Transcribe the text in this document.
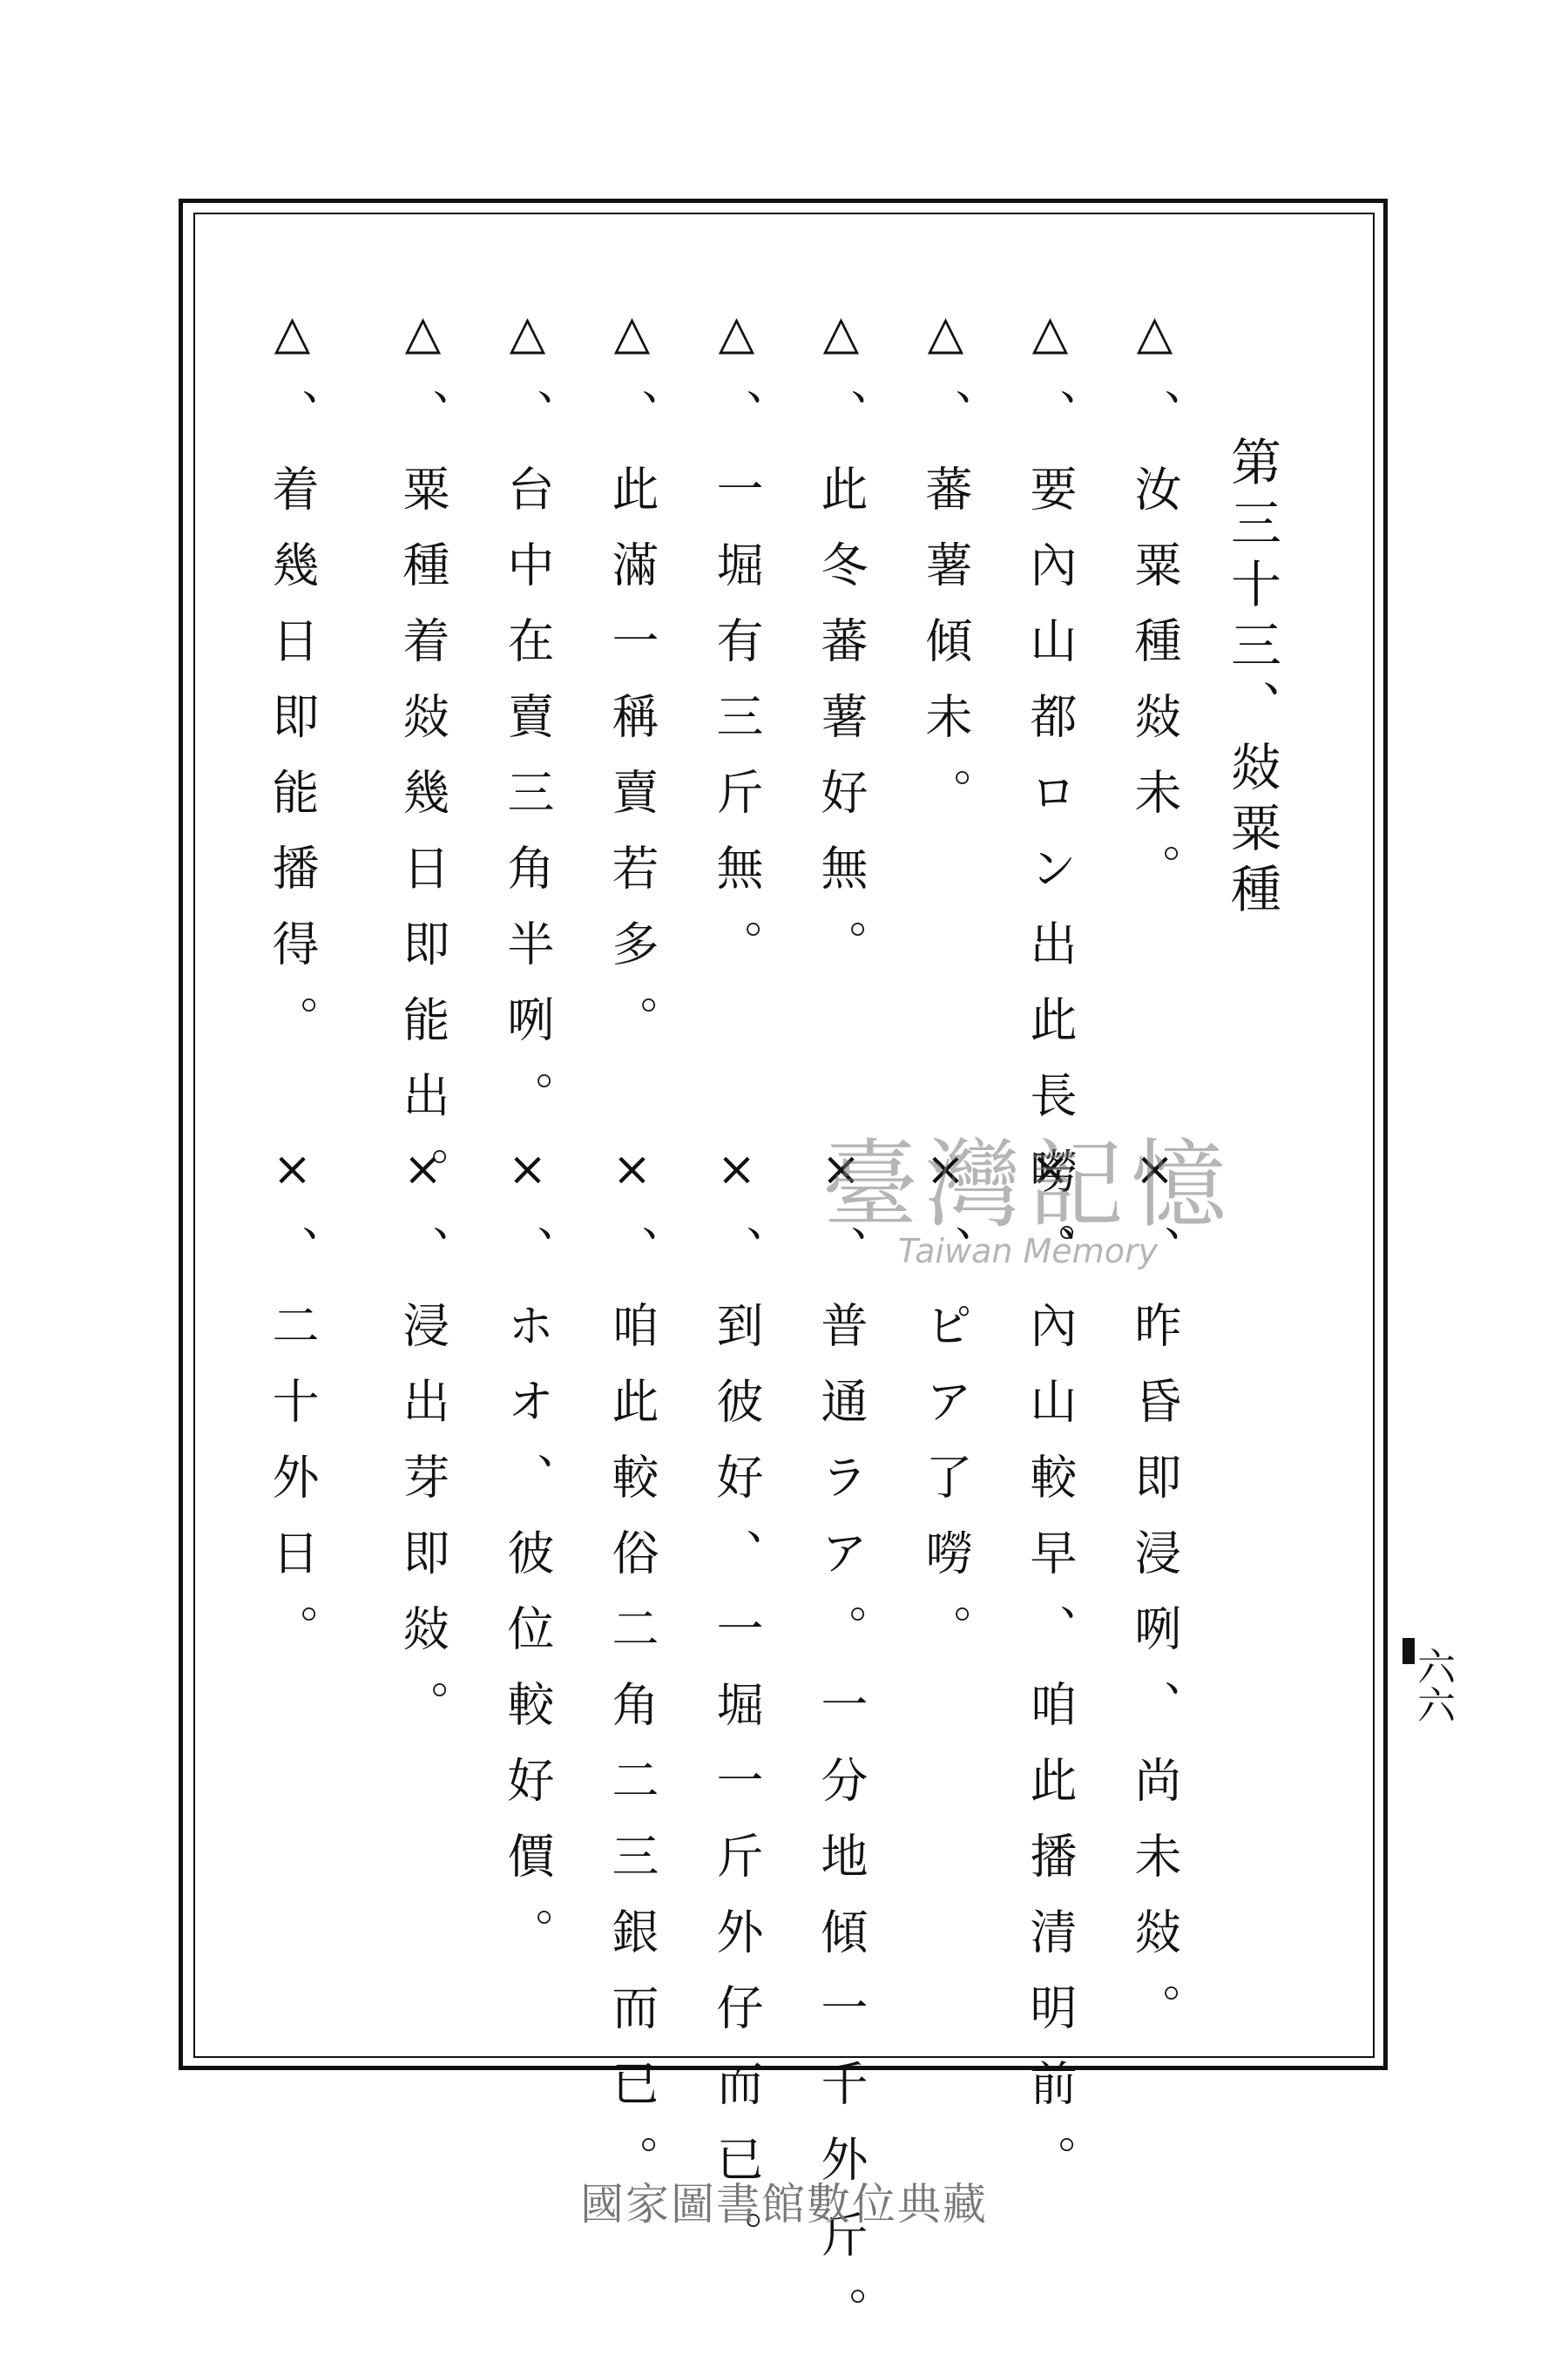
第三十三、敥粟種
△、汝粟種敥未。
△、要內山都ロン出此長嘮。
△、蕃薯傾未。
△、此冬蕃薯好無。
△、一堀有三斤無。
△、此滿一稱賣若多。
△、台中在賣三角半咧。
△、粟種着敥幾日即能出。
△、着幾日即能播得。
×、昨昏即浸咧、尚未敥。
×、內山較早、咱此播清明前。
×、ピア了嘮。
×、普通ラア。一分地傾一千外斤。
×、到彼好、一堀一斤外仔而已。
×、咱此較俗二角二三銀而已。
×、ホオ、彼位較好價。
×、浸出芽即敥。
×、二十外日。
六六
臺灣記憶
Taiwan Memory
國家圖書館數位典藏
